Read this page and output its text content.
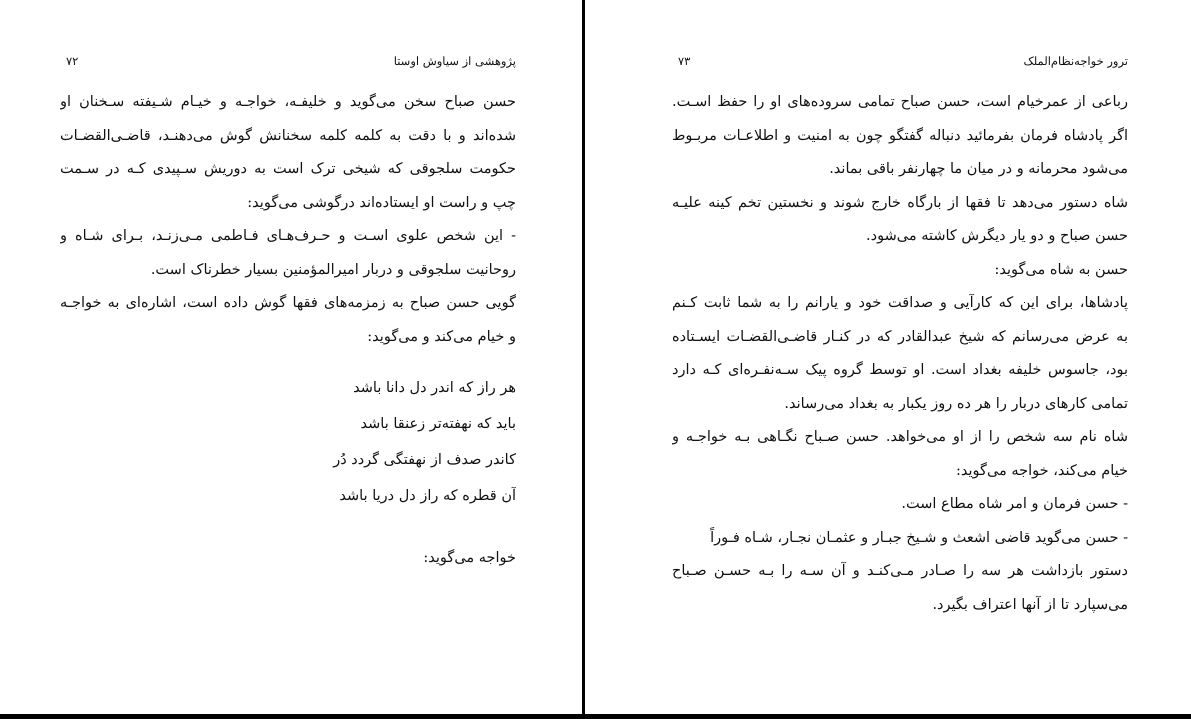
پژوهشی از سیاوش اوستا
۷۲
حسن صباح سخن می‌گوید و خلیفـه، خواجـه و خیـام شـیفته سـخنان او
شده‌اند و با دقت به کلمه کلمه سخنانش گوش می‌دهنـد، قاضـی‌القضـات
حکومت سلجوقی که شیخی ترک است به دوریش سـپیدی کـه در سـمت
چپ و راست او ایستاده‌اند درگوشی می‌گوید:
- این شخص علوی اسـت و حـرف‌هـای فـاطمی مـی‌زنـد، بـرای شـاه و
روحانیت سلجوقی و دربار امیرالمؤمنین بسیار خطرناک است.
گویی حسن صباح به زمزمه‌های فقها گوش داده است، اشاره‌ای به خواجـه
و خیام می‌کند و می‌گوید:
هر راز که اندر دل دانا باشد
باید که نهفته‌تر زعنقا باشد
کاندر صدف از نهفتگی گردد دُر
آن قطره که راز دل دریا باشد
خواجه می‌گوید:
ترور خواجه‌نظام‌الملک
۷۳
رباعی از عمرخیام است، حسن صباح تمامی سروده‌های او را حفظ اسـت.
اگر پادشاه فرمان بفرمائید دنباله گفتگو چون به امنیت و اطلاعـات مربـوط
می‌شود محرمانه و در میان ما چهارنفر باقی بماند.
شاه دستور می‌دهد تا فقها از بارگاه خارج شوند و نخستین تخم کینه علیـه
حسن صباح و دو یار دیگرش کاشته می‌شود.
حسن به شاه می‌گوید:
پادشاها، برای این که کارآیی و صداقت خود و یارانم را به شما ثابت کـنم
به عرض می‌رسانم که شیخ عبدالقادر که در کنـار قاضـی‌القضـات ایسـتاده
بود، جاسوس خلیفه بغداد است. او توسط گروه پیک سـه‌نفـره‌ای کـه دارد
تمامی کارهای دربار را هر ده روز یکبار به بغداد می‌رساند.
شاه نام سه شخص را از او می‌خواهد. حسن صـباح نگـاهی بـه خواجـه و
خیام می‌کند، خواجه می‌گوید:
- حسن فرمان و امر شاه مطاع است.
- حسن می‌گوید قاضی اشعث و شـیخ جبـار و عثمـان نجـار، شـاه فـوراً
دستور بازداشت هر سه را صـادر مـی‌کنـد و آن سـه را بـه حسـن صـباح
می‌سپارد تا از آنها اعتراف بگیرد.
